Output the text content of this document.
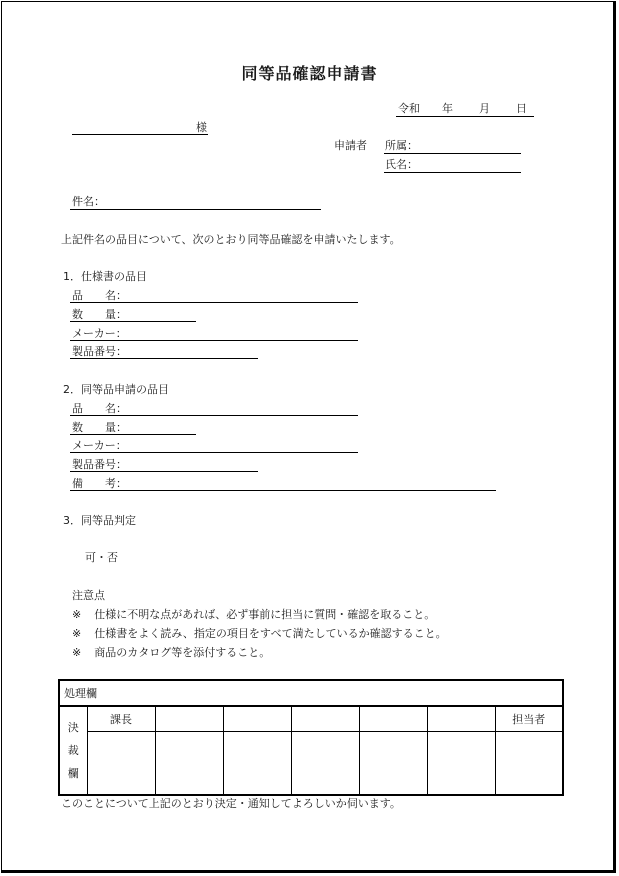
同等品確認申請書
令和 年 月 日
様
申請者 所属：
氏名：
件名：
上記件名の品目について、次のとおり同等品確認を申請いたします。
1．仕様書の品目
品　　名：
数　　量：
メーカー：
製品番号：
2．同等品申請の品目
品　　名：
数　　量：
メーカー：
製品番号：
備　　考：
3．同等品判定
可・否
注意点
※ 仕様に不明な点があれば、必ず事前に担当に質問・確認を取ること。
※ 仕様書をよく読み、指定の項目をすべて満たしているか確認すること。
※ 商品のカタログ等を添付すること。
処理欄							

決
裁
欄	課長						担当者

このことについて上記のとおり決定・通知してよろしいか伺います。
